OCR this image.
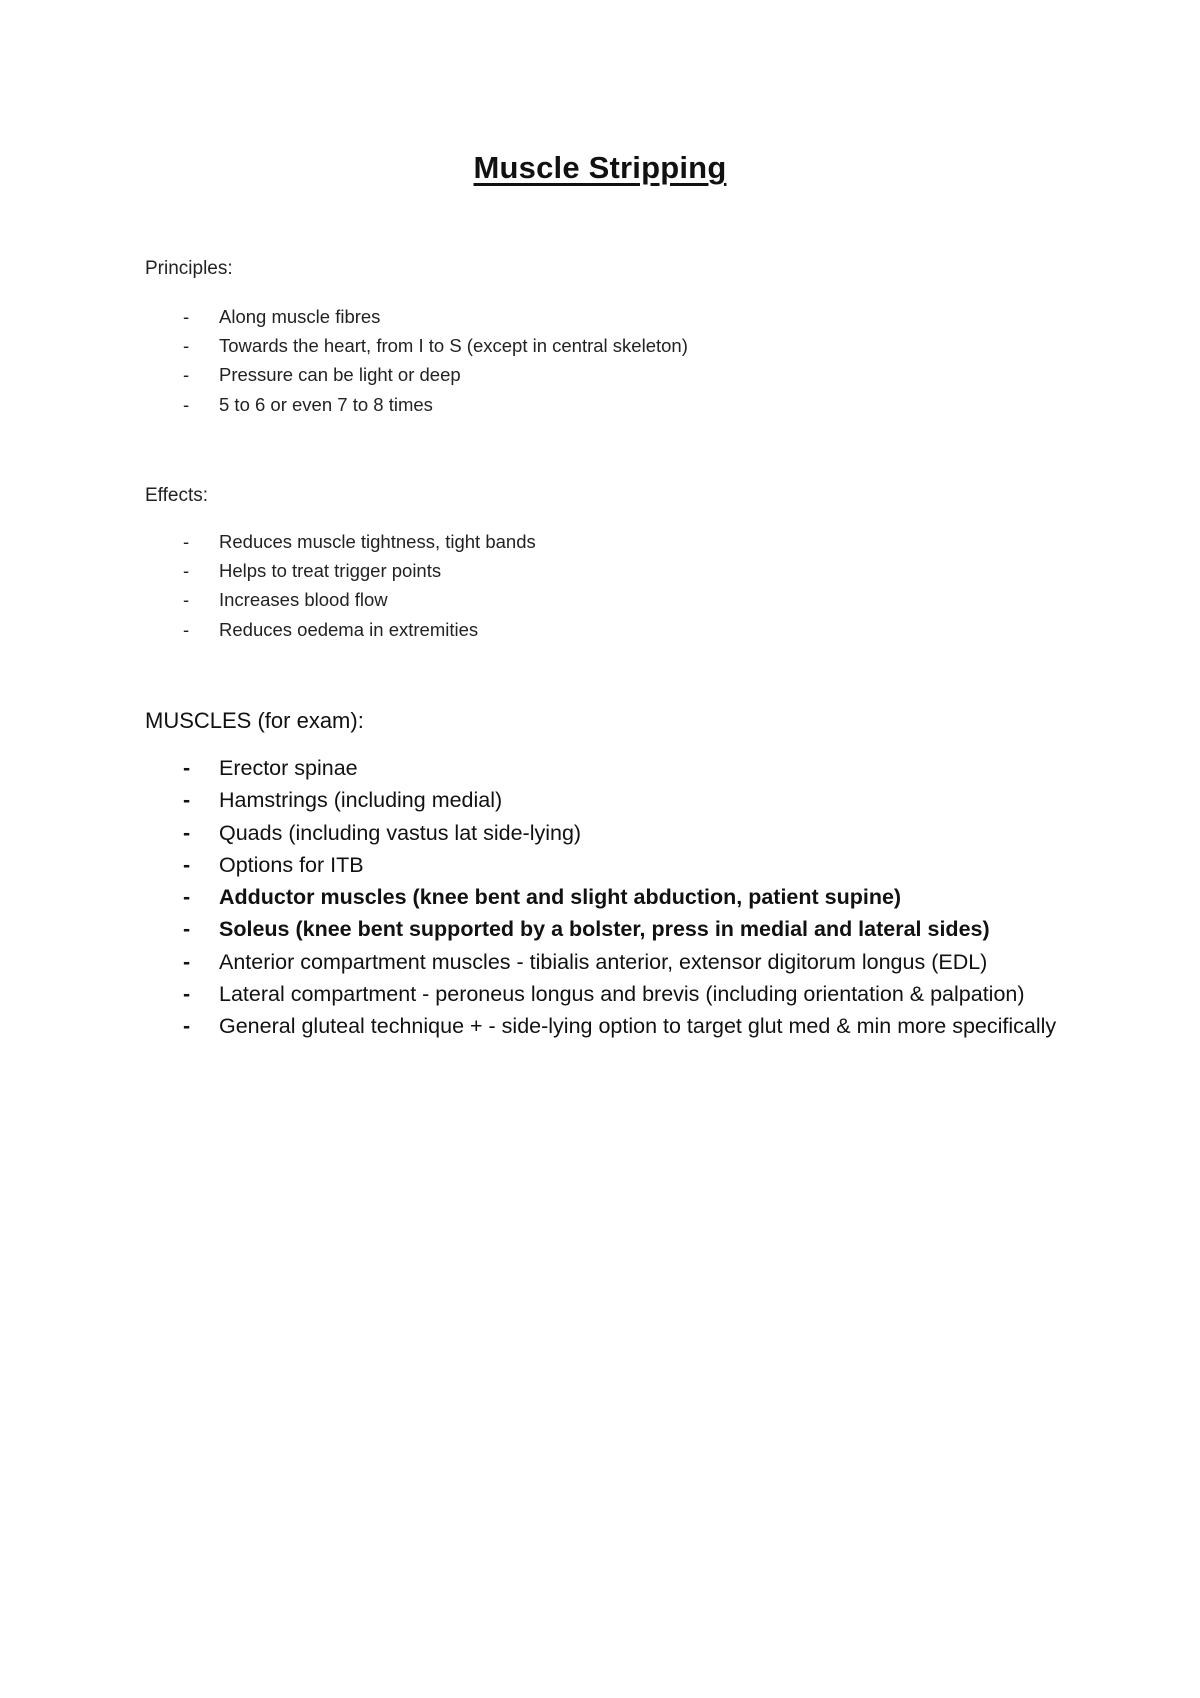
Muscle Stripping
Principles:
- Along muscle fibres
- Towards the heart, from I to S (except in central skeleton)
- Pressure can be light or deep
- 5 to 6 or even 7 to 8 times
Effects:
- Reduces muscle tightness, tight bands
- Helps to treat trigger points
- Increases blood flow
- Reduces oedema in extremities
MUSCLES (for exam):
- Erector spinae
- Hamstrings (including medial)
- Quads (including vastus lat side-lying)
- Options for ITB
- Adductor muscles (knee bent and slight abduction, patient supine)
- Soleus (knee bent supported by a bolster, press in medial and lateral sides)
- Anterior compartment muscles - tibialis anterior, extensor digitorum longus (EDL)
- Lateral compartment - peroneus longus and brevis (including orientation & palpation)
- General gluteal technique + - side-lying option to target glut med & min more specifically
